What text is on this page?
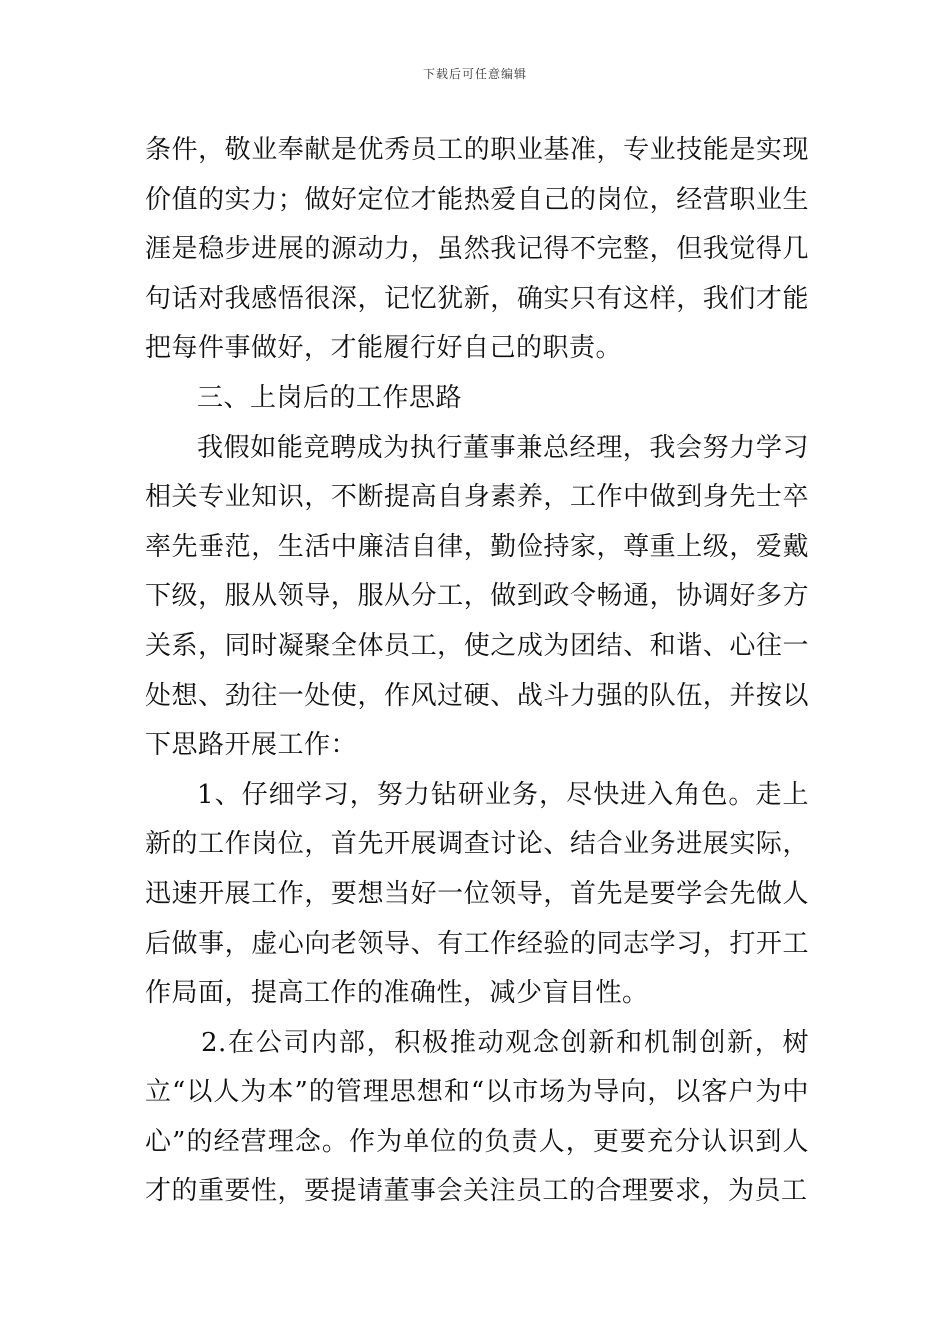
下载后可任意编辑

条件，敬业奉献是优秀员工的职业基准，专业技能是实现价值的实力；做好定位才能热爱自己的岗位，经营职业生涯是稳步进展的源动力，虽然我记得不完整，但我觉得几句话对我感悟很深，记忆犹新，确实只有这样，我们才能把每件事做好，才能履行好自己的职责。

三、上岗后的工作思路

我假如能竞聘成为执行董事兼总经理，我会努力学习相关专业知识，不断提高自身素养，工作中做到身先士卒率先垂范，生活中廉洁自律，勤俭持家，尊重上级，爱戴下级，服从领导，服从分工，做到政令畅通，协调好多方关系，同时凝聚全体员工，使之成为团结、和谐、心往一处想、劲往一处使，作风过硬、战斗力强的队伍，并按以下思路开展工作：

1、仔细学习，努力钻研业务，尽快进入角色。走上新的工作岗位，首先开展调查讨论、结合业务进展实际，迅速开展工作，要想当好一位领导，首先是要学会先做人后做事，虚心向老领导、有工作经验的同志学习，打开工作局面，提高工作的准确性，减少盲目性。

2.在公司内部，积极推动观念创新和机制创新，树立“以人为本”的管理思想和“以市场为导向，以客户为中心”的经营理念。作为单位的负责人，更要充分认识到人才的重要性，要提请董事会关注员工的合理要求，为员工
